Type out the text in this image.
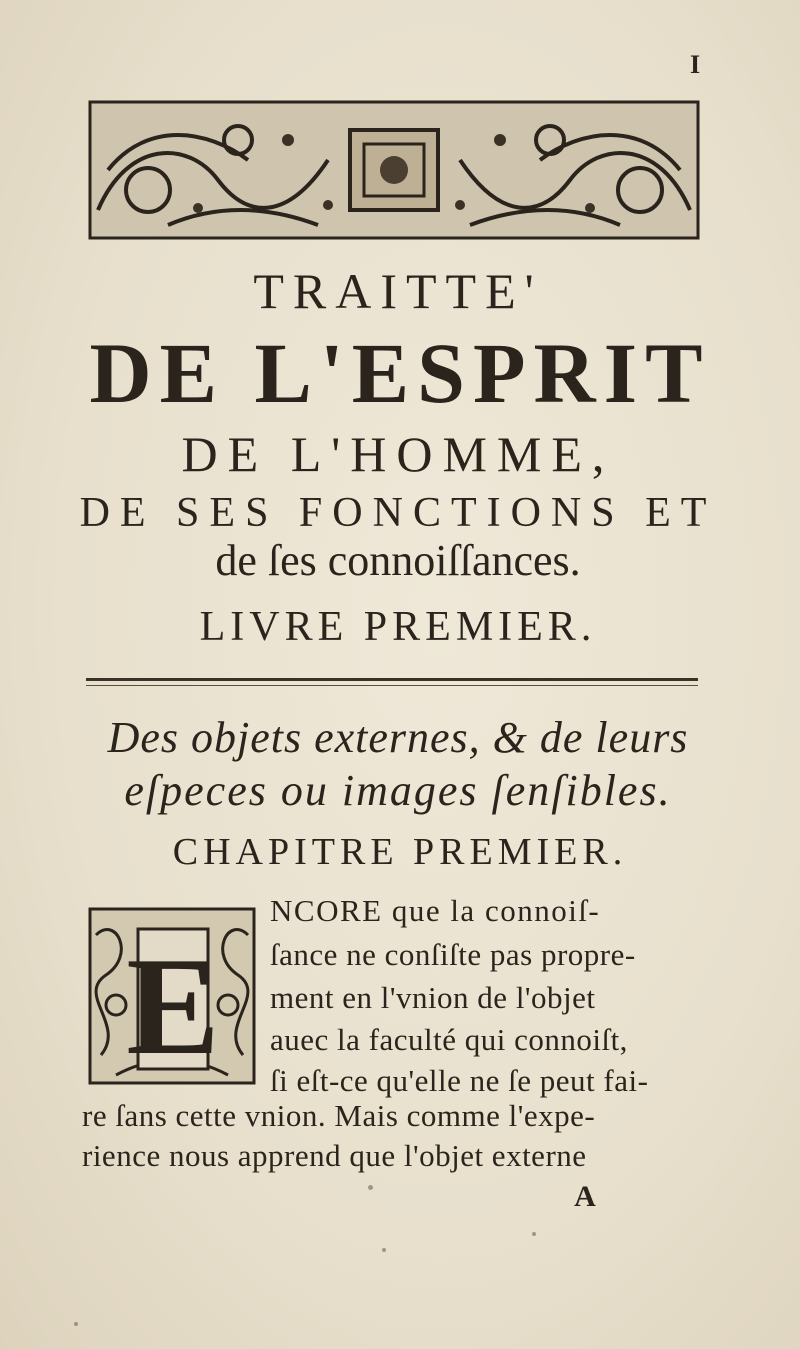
I
TRAITTE'
DE L'ESPRIT
DE L'HOMME,
DE SES FONCTIONS ET
de ſes connoiſſances.
LIVRE PREMIER.
Des objets externes, & de leurs
eſpeces ou images ſenſibles.
CHAPITRE PREMIER.
E
NCORE que la connoiſ-
ſance ne conſiſte pas propre-
ment en l'vnion de l'objet
auec la faculté qui connoiſt,
ſi eſt-ce qu'elle ne ſe peut fai-
re ſans cette vnion. Mais comme l'expe-
rience nous apprend que l'objet externe
A
